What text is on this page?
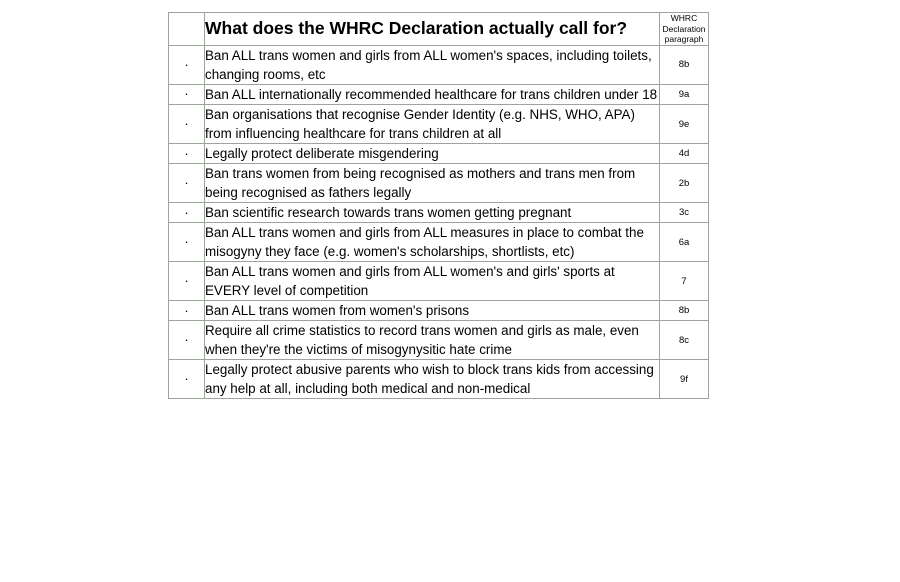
	What does the WHRC Declaration actually call for?	WHRC
Declaration
paragraph

·	Ban ALL trans women and girls from ALL women's spaces, including toilets, changing rooms, etc	8b
·	Ban ALL internationally recommended healthcare for trans children under 18	9a
·	Ban organisations that recognise Gender Identity (e.g. NHS, WHO, APA) from influencing healthcare for trans children at all	9e
·	Legally protect deliberate misgendering	4d
·	Ban trans women from being recognised as mothers and trans men from being recognised as fathers legally	2b
·	Ban scientific research towards trans women getting pregnant	3c
·	Ban ALL trans women and girls from ALL measures in place to combat the misogyny they face (e.g. women's scholarships, shortlists, etc)	6a
·	Ban ALL trans women and girls from ALL women's and girls' sports at EVERY level of competition	7
·	Ban ALL trans women from women's prisons	8b
·	Require all crime statistics to record trans women and girls as male, even when they're the victims of misogynysitic hate crime	8c
·	Legally protect abusive parents who wish to block trans kids from accessing any help at all, including both medical and non-medical	9f
